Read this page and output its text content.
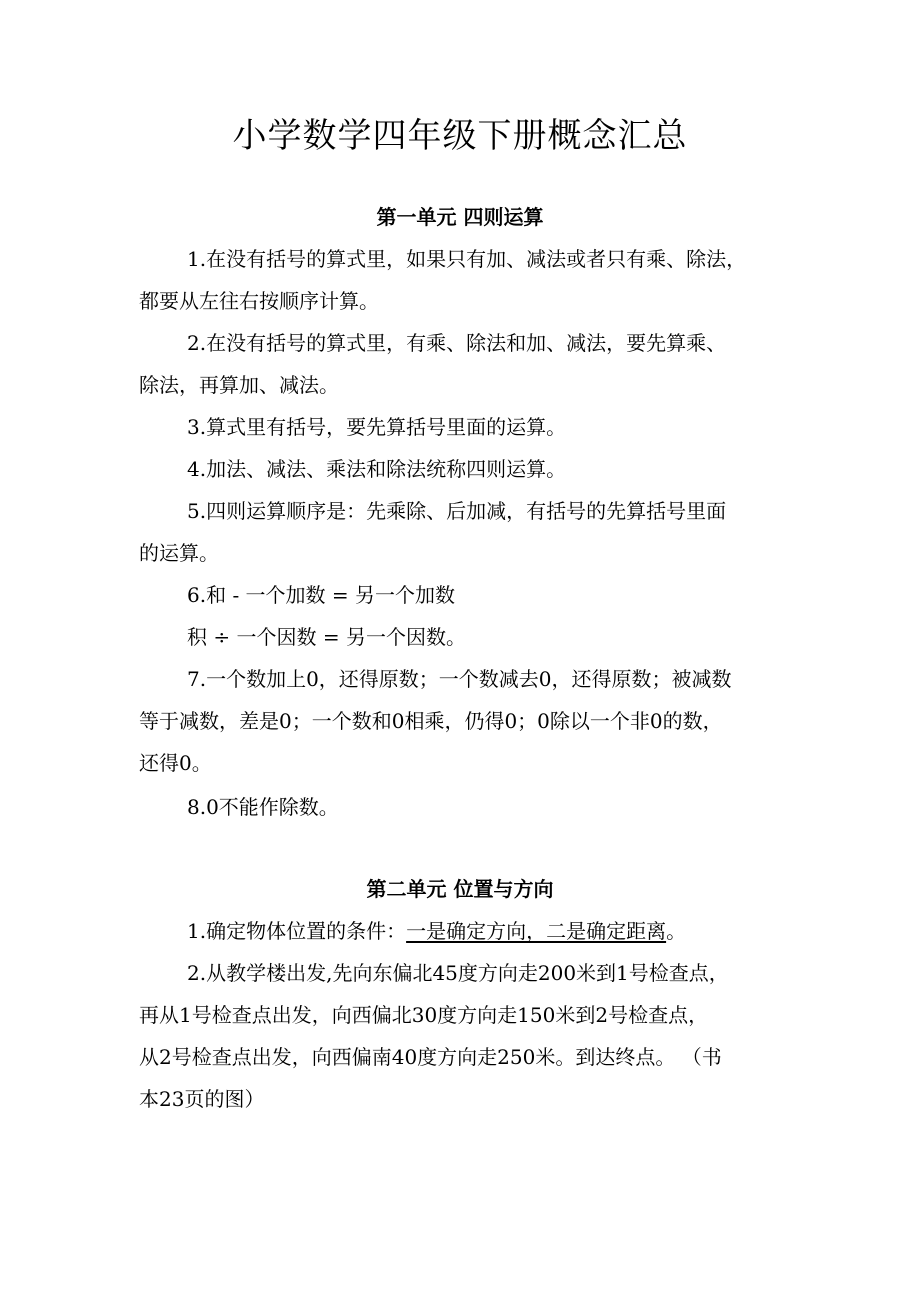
小学数学四年级下册概念汇总
第一单元 四则运算
1.在没有括号的算式里，如果只有加、减法或者只有乘、除法，
都要从左往右按顺序计算。
2.在没有括号的算式里，有乘、除法和加、减法，要先算乘、
除法，再算加、减法。
3.算式里有括号，要先算括号里面的运算。
4.加法、减法、乘法和除法统称四则运算。
5.四则运算顺序是：先乘除、后加减，有括号的先算括号里面
的运算。
6.和 - 一个加数 = 另一个加数
积 ÷ 一个因数 = 另一个因数。
7.一个数加上0，还得原数；一个数减去0，还得原数；被减数
等于减数，差是0；一个数和0相乘，仍得0；0除以一个非0的数，
还得0。
8.0不能作除数。
第二单元 位置与方向
1.确定物体位置的条件：一是确定方向，二是确定距离。
2.从教学楼出发,先向东偏北45度方向走200米到1号检查点，
再从1号检查点出发，向西偏北30度方向走150米到2号检查点，
从2号检查点出发，向西偏南40度方向走250米。到达终点。 （书
本23页的图）
